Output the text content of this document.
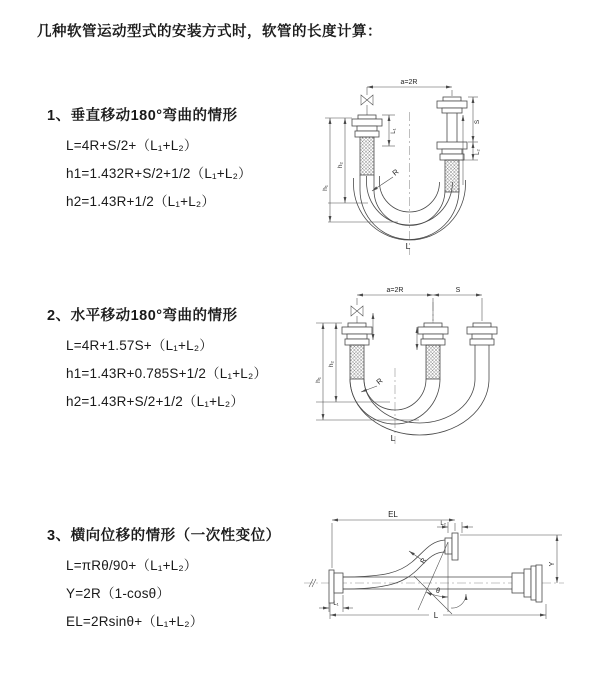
几种软管运动型式的安装方式时，软管的长度计算：
1、垂直移动180°弯曲的情形
L=4R+S/2+（L₁+L₂）
h1=1.432R+S/2+1/2（L₁+L₂）
h2=1.43R+1/2（L₁+L₂）
a=2R
S
L₂
L₁
h₂
h₁
R
L
2、水平移动180°弯曲的情形
L=4R+1.57S+（L₁+L₂）
h1=1.43R+0.785S+1/2（L₁+L₂）
h2=1.43R+S/2+1/2（L₁+L₂）
a=2R	S
h₂
h₁	R
L
3、横向位移的情形（一次性变位）
L=πRθ/90+（L₁+L₂）
Y=2R（1-cosθ）
EL=2Rsinθ+（L₁+L₂）
EL
L₂
Y
θ
R
L₁
L
